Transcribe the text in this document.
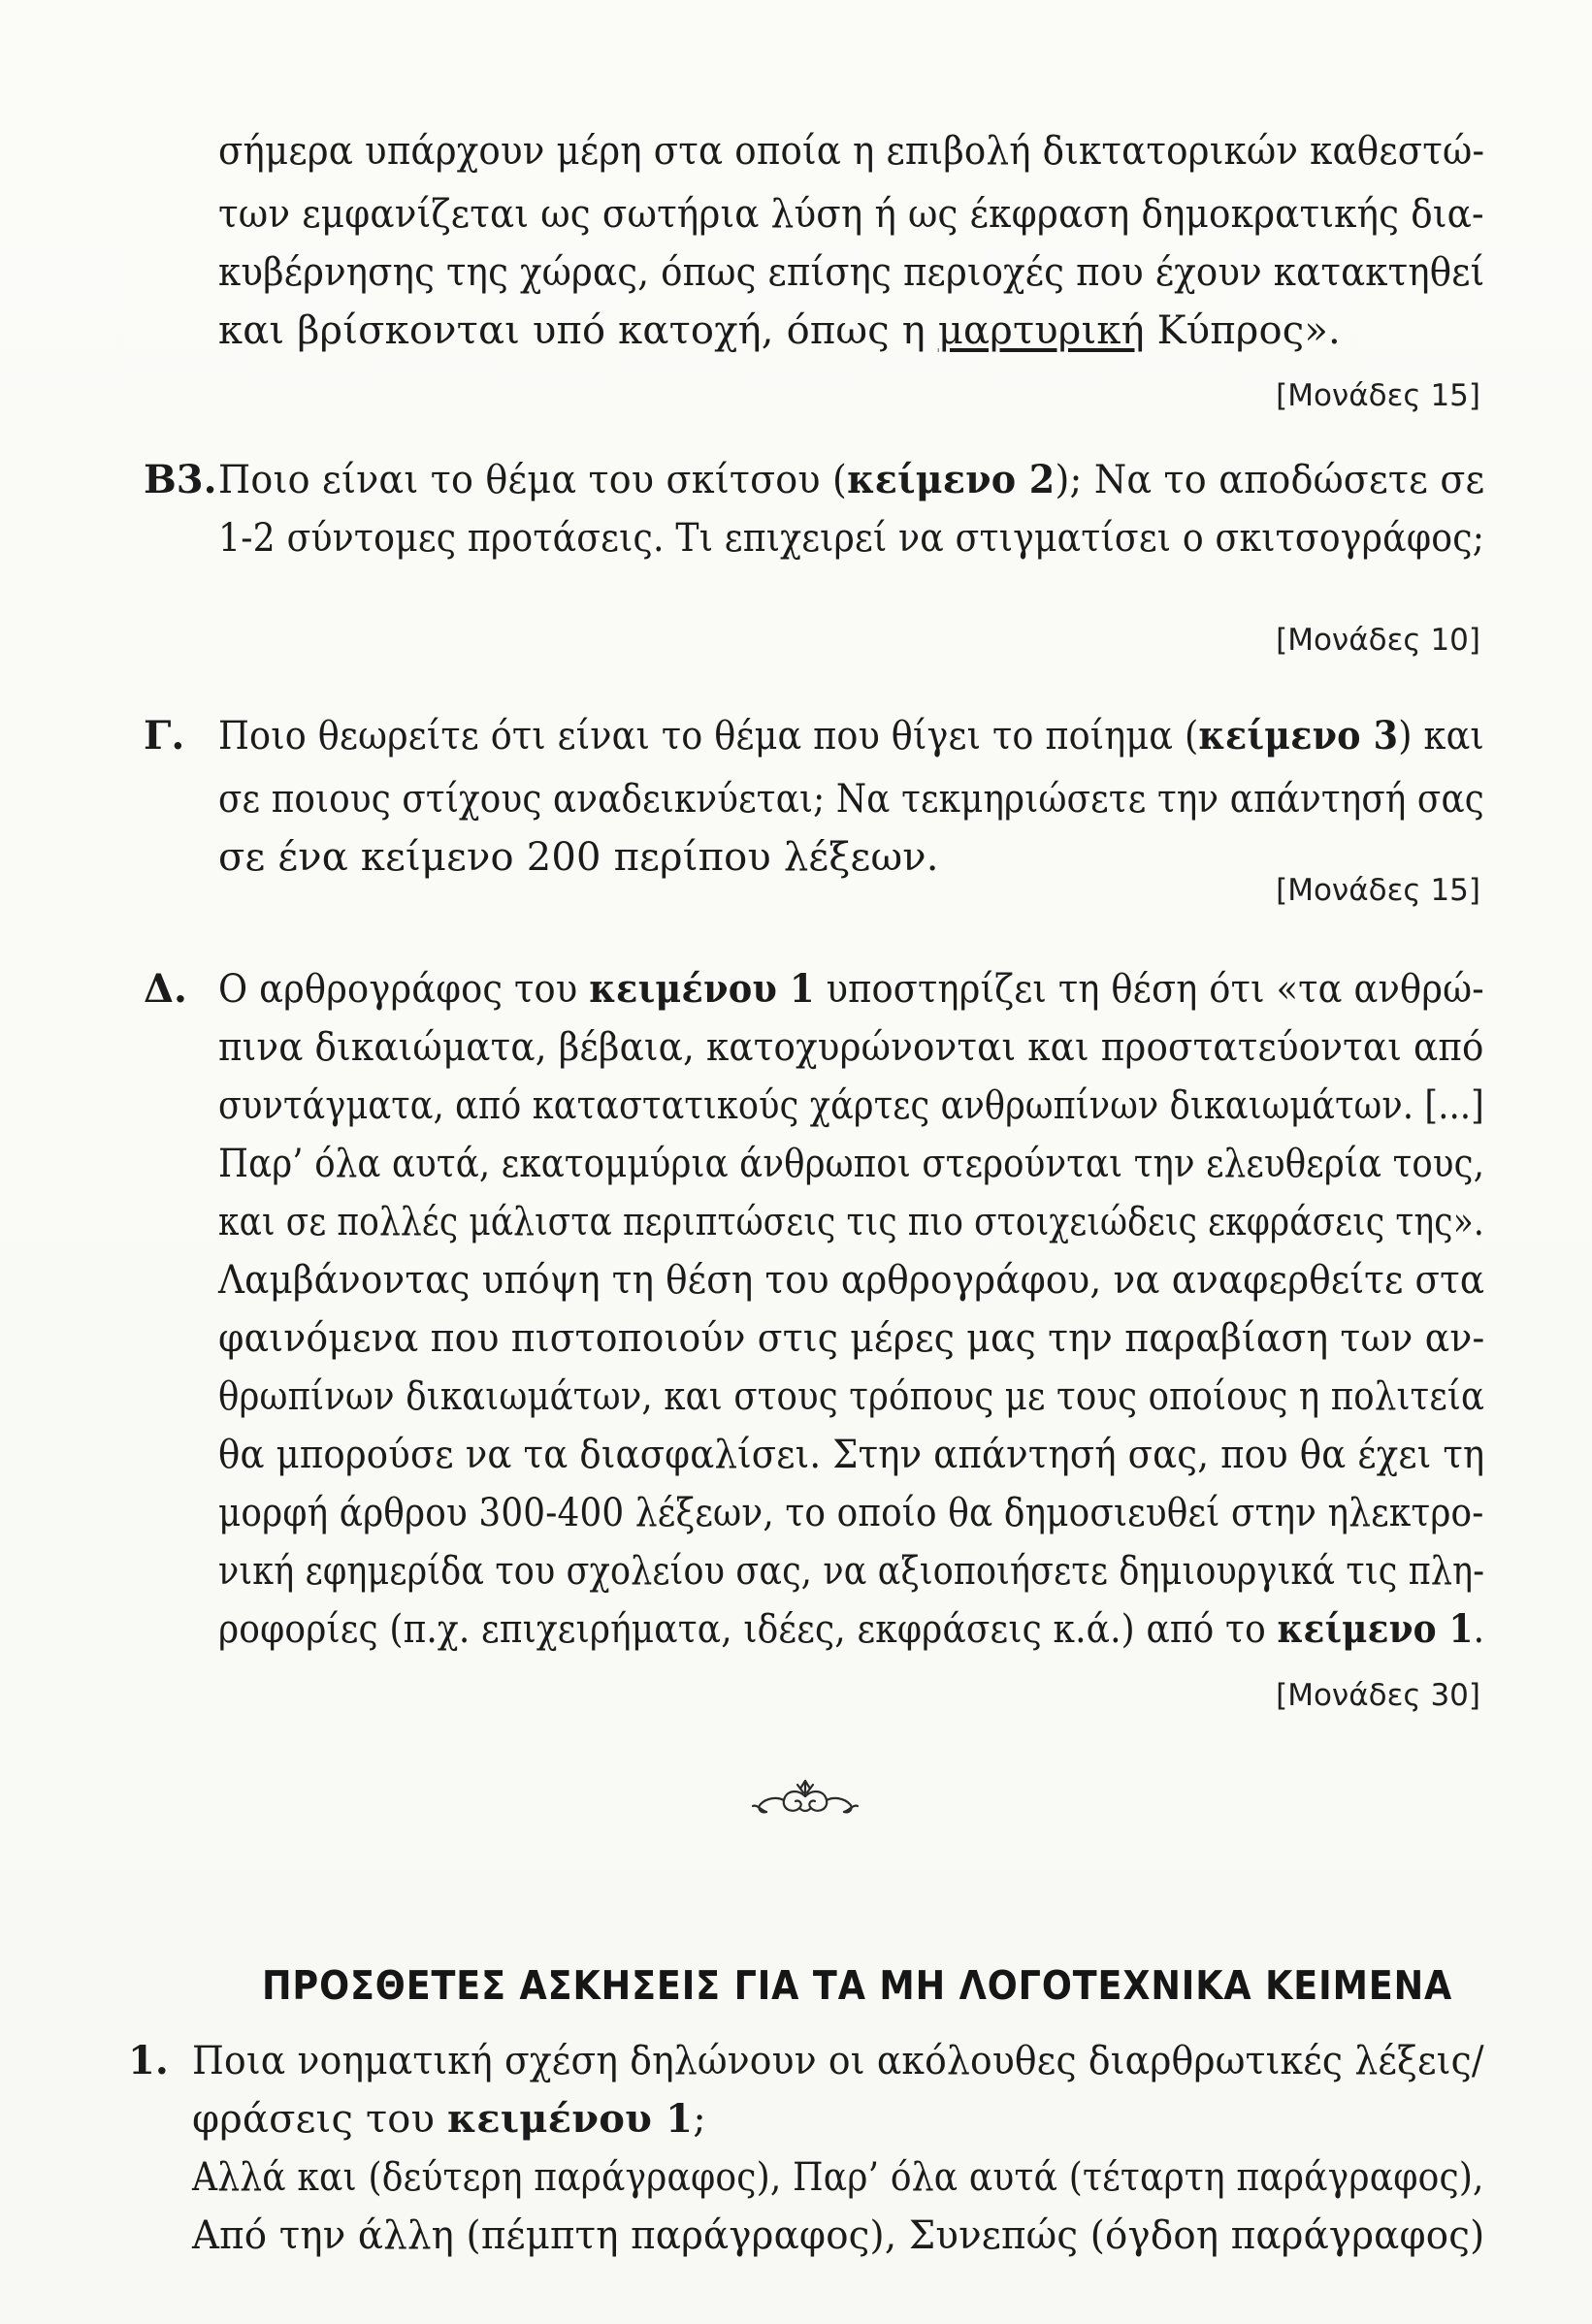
σήμερα υπάρχουν μέρη στα οποία η επιβολή δικτατορικών καθεστώ-
των εμφανίζεται ως σωτήρια λύση ή ως έκφραση δημοκρατικής δια-
κυβέρνησης της χώρας, όπως επίσης περιοχές που έχουν κατακτηθεί
και βρίσκονται υπό κατοχή, όπως η μαρτυρική Κύπρος».
[Μονάδες 15]
Β3. Ποιο είναι το θέμα του σκίτσου (κείμενο 2); Να το αποδώσετε σε
1-2 σύντομες προτάσεις. Τι επιχειρεί να στιγματίσει ο σκιτσογράφος;
[Μονάδες 10]
Γ. Ποιο θεωρείτε ότι είναι το θέμα που θίγει το ποίημα (κείμενο 3) και
σε ποιους στίχους αναδεικνύεται; Να τεκμηριώσετε την απάντησή σας
σε ένα κείμενο 200 περίπου λέξεων.
[Μονάδες 15]
Δ. Ο αρθρογράφος του κειμένου 1 υποστηρίζει τη θέση ότι «τα ανθρώ-
πινα δικαιώματα, βέβαια, κατοχυρώνονται και προστατεύονται από
συντάγματα, από καταστατικούς χάρτες ανθρωπίνων δικαιωμάτων. [...]
Παρ’ όλα αυτά, εκατομμύρια άνθρωποι στερούνται την ελευθερία τους,
και σε πολλές μάλιστα περιπτώσεις τις πιο στοιχειώδεις εκφράσεις της».
Λαμβάνοντας υπόψη τη θέση του αρθρογράφου, να αναφερθείτε στα
φαινόμενα που πιστοποιούν στις μέρες μας την παραβίαση των αν-
θρωπίνων δικαιωμάτων, και στους τρόπους με τους οποίους η πολιτεία
θα μπορούσε να τα διασφαλίσει. Στην απάντησή σας, που θα έχει τη
μορφή άρθρου 300-400 λέξεων, το οποίο θα δημοσιευθεί στην ηλεκτρο-
νική εφημερίδα του σχολείου σας, να αξιοποιήσετε δημιουργικά τις πλη-
ροφορίες (π.χ. επιχειρήματα, ιδέες, εκφράσεις κ.ά.) από το κείμενο 1.
[Μονάδες 30]
ΠΡΟΣΘΕΤΕΣ ΑΣΚΗΣΕΙΣ ΓΙΑ ΤΑ ΜΗ ΛΟΓΟΤΕΧΝΙΚΑ ΚΕΙΜΕΝΑ
1. Ποια νοηματική σχέση δηλώνουν οι ακόλουθες διαρθρωτικές λέξεις/
φράσεις του κειμένου 1;
Αλλά και (δεύτερη παράγραφος), Παρ’ όλα αυτά (τέταρτη παράγραφος),
Από την άλλη (πέμπτη παράγραφος), Συνεπώς (όγδοη παράγραφος)
